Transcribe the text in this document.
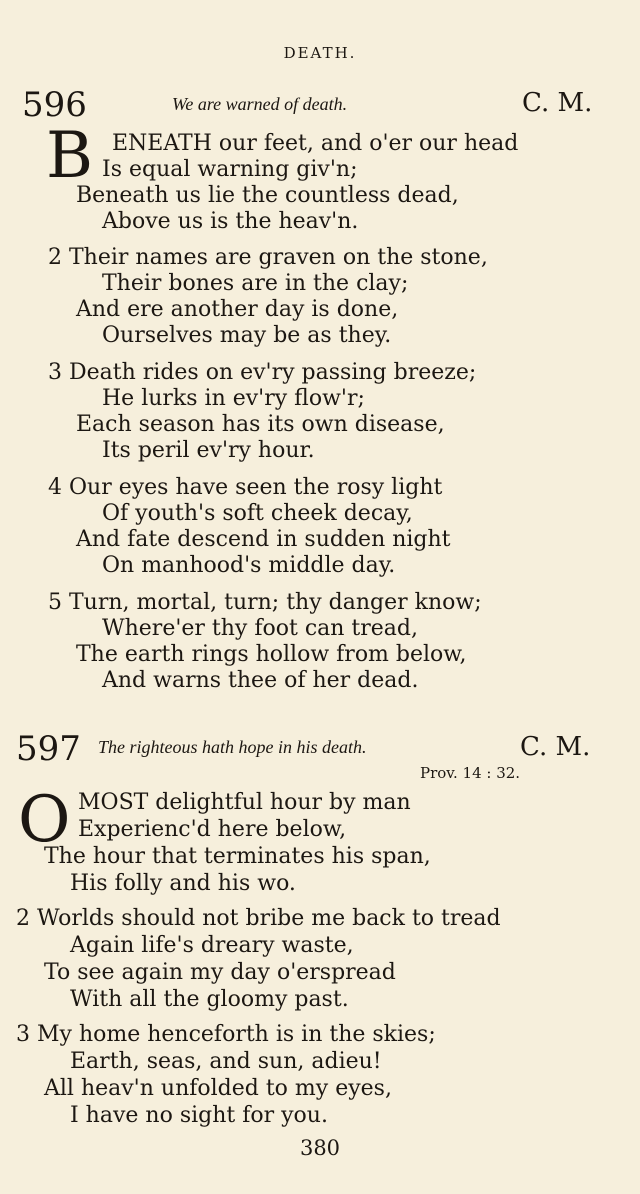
DEATH.
596	We are warned of death.	C. M.
B ENEATH our feet, and o'er our head
Is equal warning giv'n;
Beneath us lie the countless dead,
Above us is the heav'n.
2 Their names are graven on the stone,
Their bones are in the clay;
And ere another day is done,
Ourselves may be as they.
3 Death rides on ev'ry passing breeze;
He lurks in ev'ry flow'r;
Each season has its own disease,
Its peril ev'ry hour.
4 Our eyes have seen the rosy light
Of youth's soft cheek decay,
And fate descend in sudden night
On manhood's middle day.
5 Turn, mortal, turn; thy danger know;
Where'er thy foot can tread,
The earth rings hollow from below,
And warns thee of her dead.
597 The righteous hath hope in his death.	C. M.
Prov. 14 : 32.
O MOST delightful hour by man
Experienc'd here below,
The hour that terminates his span,
His folly and his wo.
2 Worlds should not bribe me back to tread
Again life's dreary waste,
To see again my day o'erspread
With all the gloomy past.
3 My home henceforth is in the skies;
Earth, seas, and sun, adieu!
All heav'n unfolded to my eyes,
I have no sight for you.
380
